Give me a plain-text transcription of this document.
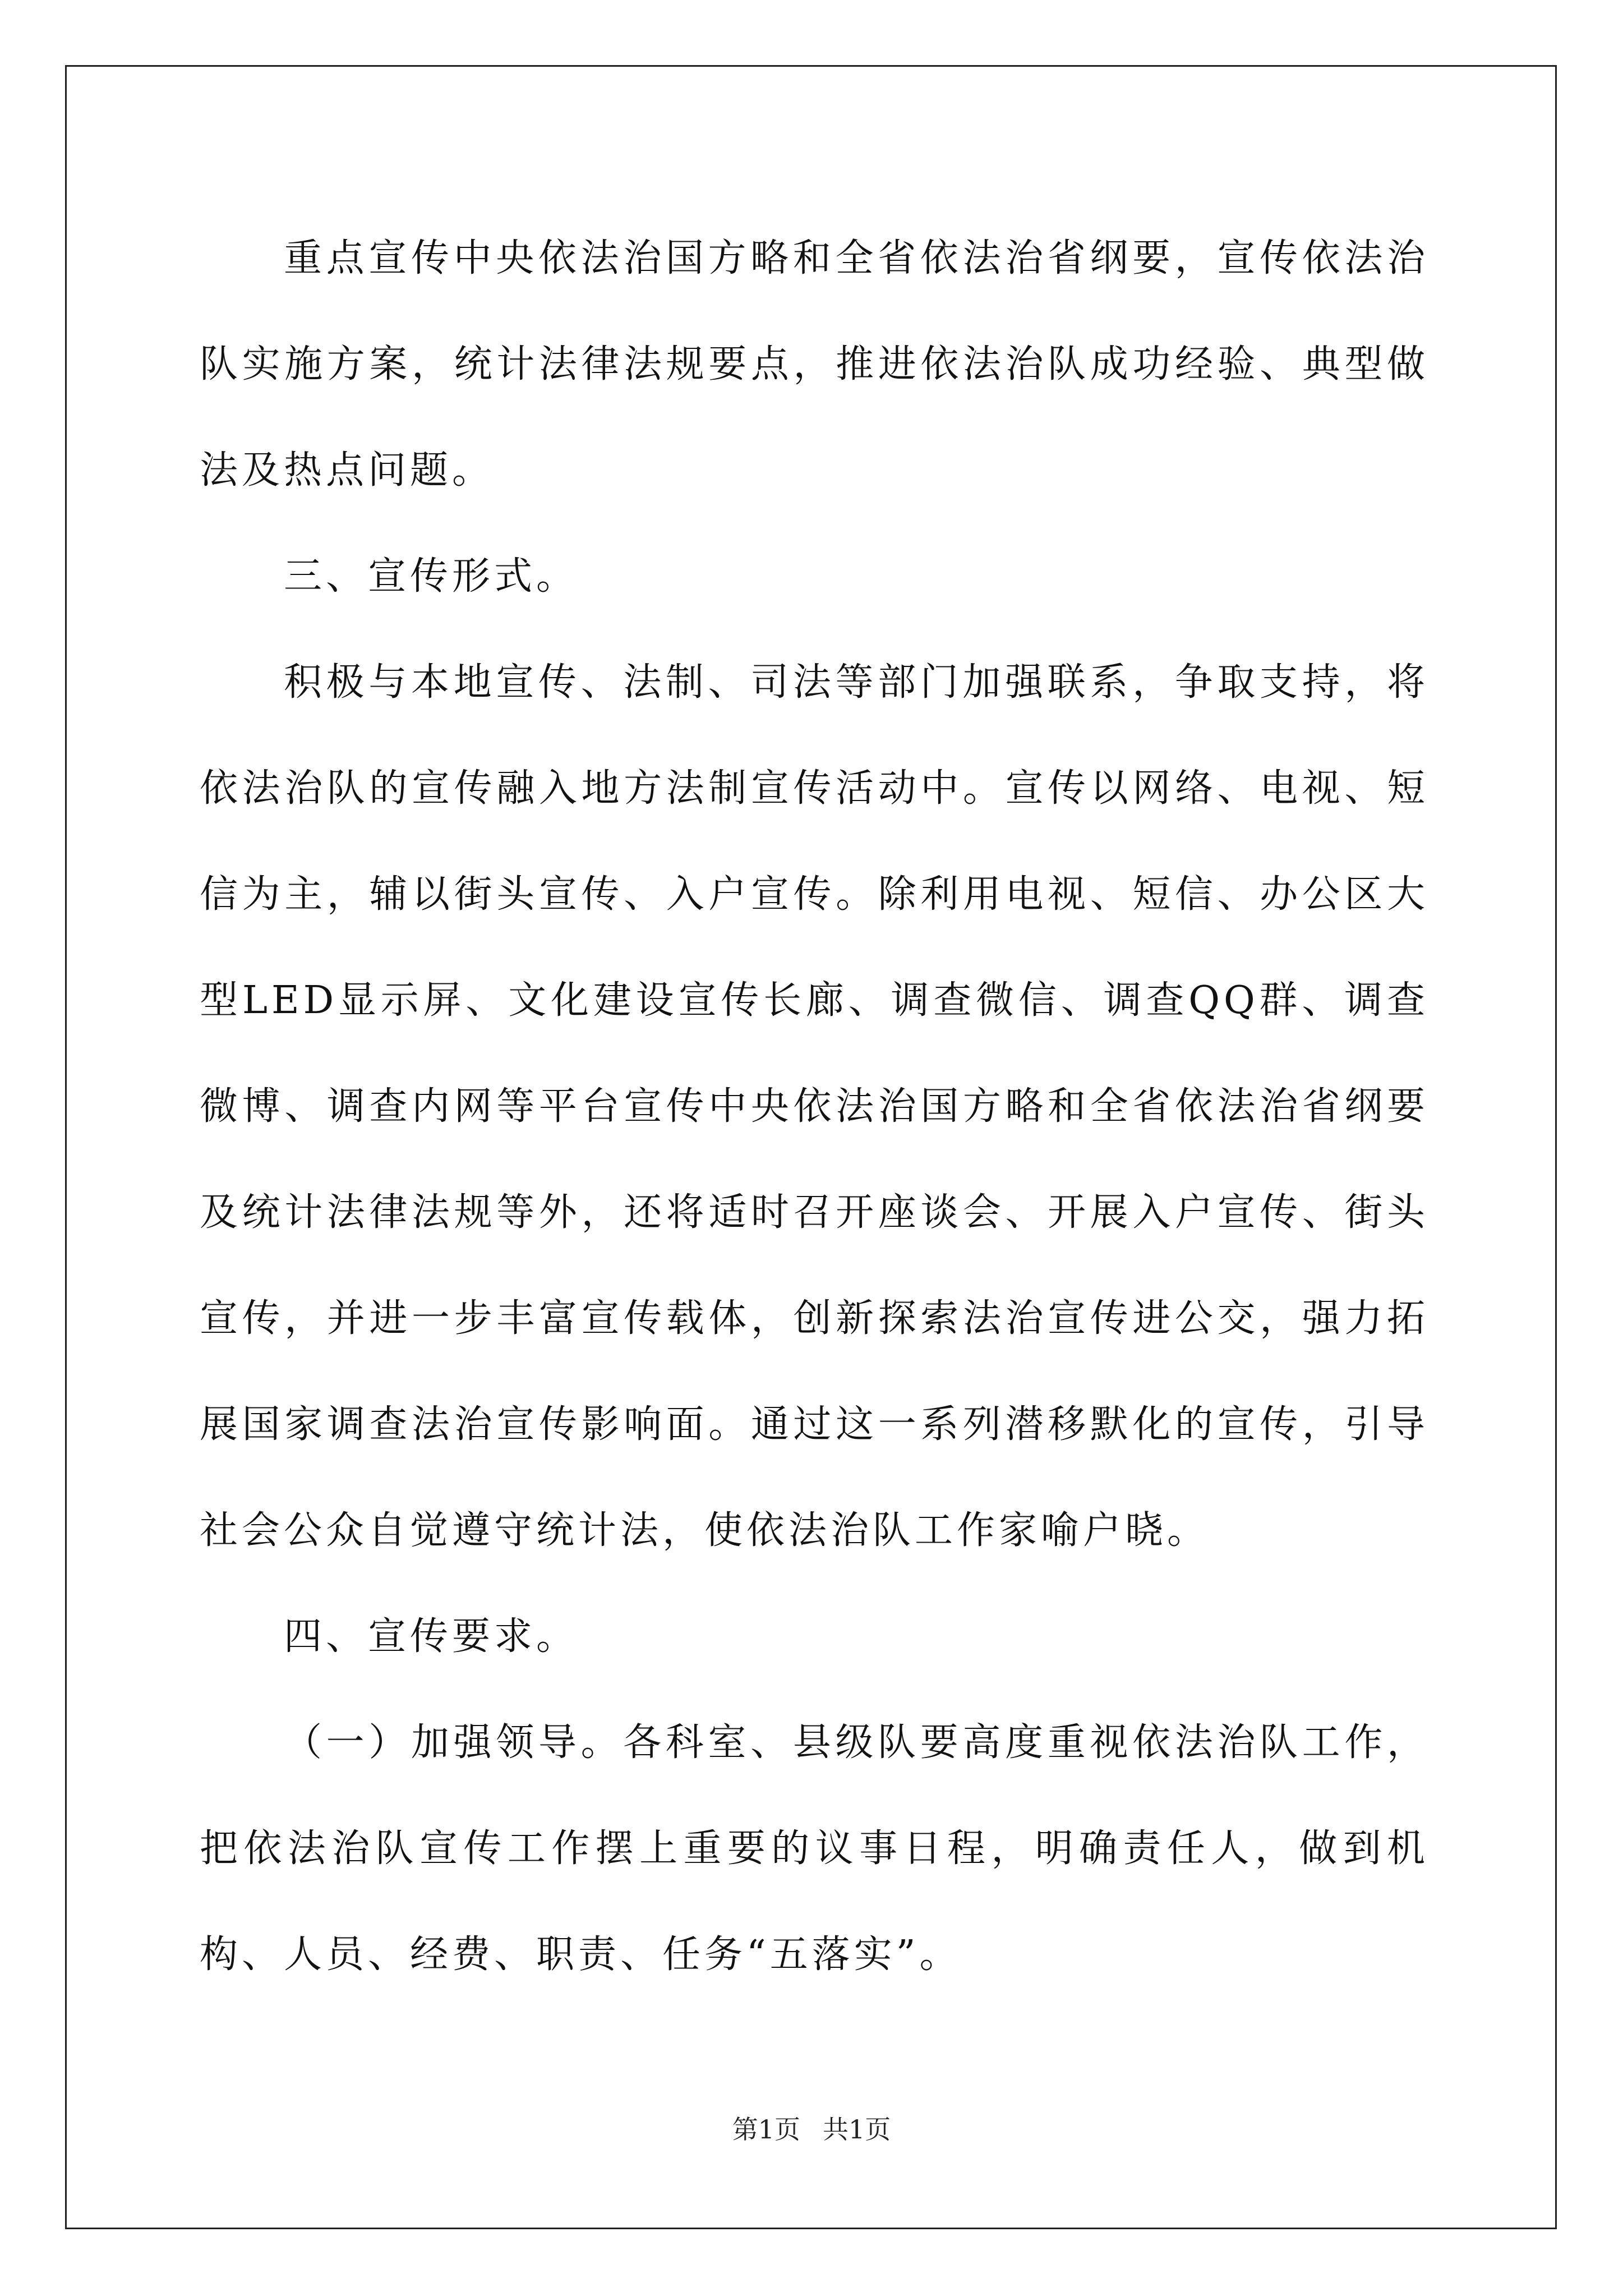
重点宣传中央依法治国方略和全省依法治省纲要，宣传依法治队实施方案，统计法律法规要点，推进依法治队成功经验、典型做法及热点问题。

三、宣传形式。

积极与本地宣传、法制、司法等部门加强联系，争取支持，将依法治队的宣传融入地方法制宣传活动中。宣传以网络、电视、短信为主，辅以街头宣传、入户宣传。除利用电视、短信、办公区大型LED显示屏、文化建设宣传长廊、调查微信、调查QQ群、调查微博、调查内网等平台宣传中央依法治国方略和全省依法治省纲要及统计法律法规等外，还将适时召开座谈会、开展入户宣传、街头宣传，并进一步丰富宣传载体，创新探索法治宣传进公交，强力拓展国家调查法治宣传影响面。通过这一系列潜移默化的宣传，引导社会公众自觉遵守统计法，使依法治队工作家喻户晓。

四、宣传要求。

（一）加强领导。各科室、县级队要高度重视依法治队工作，把依法治队宣传工作摆上重要的议事日程，明确责任人，做到机构、人员、经费、职责、任务“五落实”。

第1页 共1页
